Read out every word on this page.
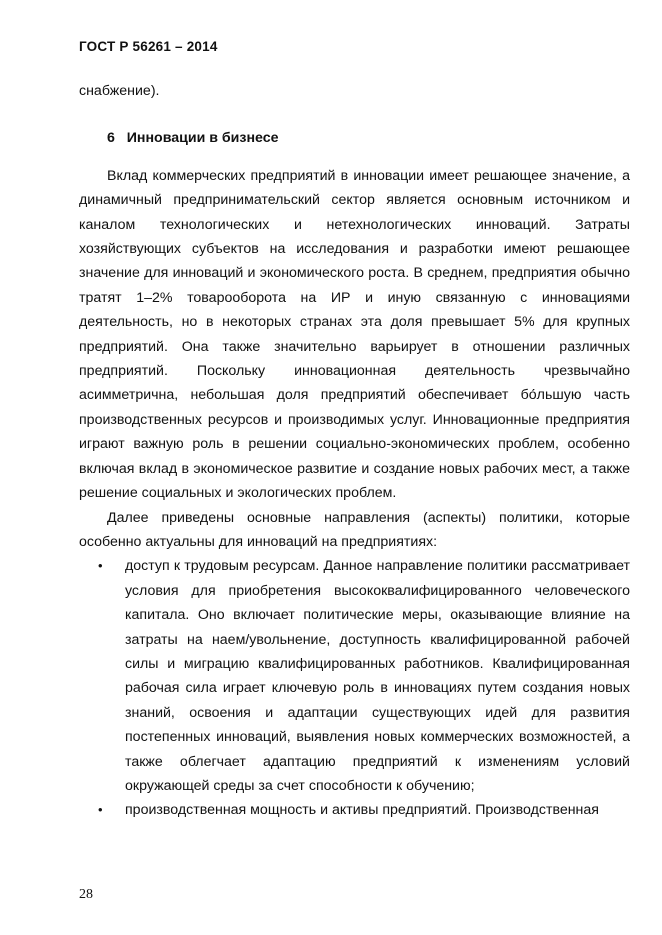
ГОСТ Р 56261 – 2014

снабжение).

6 Инновации в бизнесе

Вклад коммерческих предприятий в инновации имеет решающее значение, а динамичный предпринимательский сектор является основным источником и каналом технологических и нетехнологических инноваций. Затраты хозяйствующих субъектов на исследования и разработки имеют решающее значение для инноваций и экономического роста. В среднем, предприятия обычно тратят 1–2% товарооборота на ИР и иную связанную с инновациями деятельность, но в некоторых странах эта доля превышает 5% для крупных предприятий. Она также значительно варьирует в отношении различных предприятий. Поскольку инновационная деятельность чрезвычайно асимметрична, небольшая доля предприятий обеспечивает бо́льшую часть производственных ресурсов и производимых услуг. Инновационные предприятия играют важную роль в решении социально-экономических проблем, особенно включая вклад в экономическое развитие и создание новых рабочих мест, а также решение социальных и экологических проблем.

Далее приведены основные направления (аспекты) политики, которые особенно актуальны для инноваций на предприятиях:

• доступ к трудовым ресурсам. Данное направление политики рассматривает условия для приобретения высококвалифицированного человеческого капитала. Оно включает политические меры, оказывающие влияние на затраты на наем/увольнение, доступность квалифицированной рабочей силы и миграцию квалифицированных работников. Квалифицированная рабочая сила играет ключевую роль в инновациях путем создания новых знаний, освоения и адаптации существующих идей для развития постепенных инноваций, выявления новых коммерческих возможностей, а также облегчает адаптацию предприятий к изменениям условий окружающей среды за счет способности к обучению;
• производственная мощность и активы предприятий. Производственная
28
